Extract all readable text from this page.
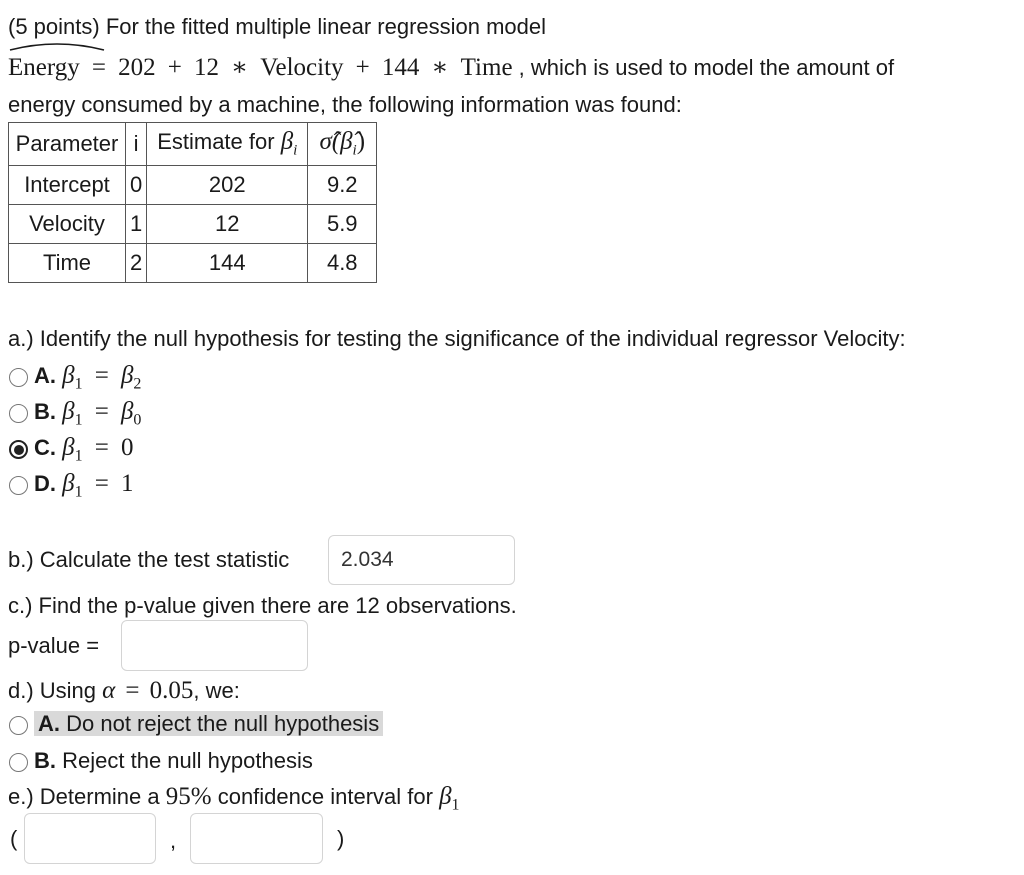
(5 points) For the fitted multiple linear regression model
Energy = 202 + 12 ∗ Velocity + 144 ∗ Time , which is used to model the amount of
energy consumed by a machine, the following information was found:
Parameter	i	Estimate for $\beta_i$	$\sigmâ(\betâ_i)$
Intercept	0	202	9.2
Velocity	1	12	5.9
Time	2	144	4.8
a.) Identify the null hypothesis for testing the significance of the individual regressor Velocity:
A. $\beta_1 = \beta_2$
B. $\beta_1 = \beta_0$
C. $\beta_1 = 0$
D. $\beta_1 = 1$
b.) Calculate the test statistic
2.034
c.) Find the p-value given there are 12 observations.
p-value =
d.) Using α = 0.05, we:
A. Do not reject the null hypothesis
B. Reject the null hypothesis
e.) Determine a 95% confidence interval for $\beta_1$
(	,	)
